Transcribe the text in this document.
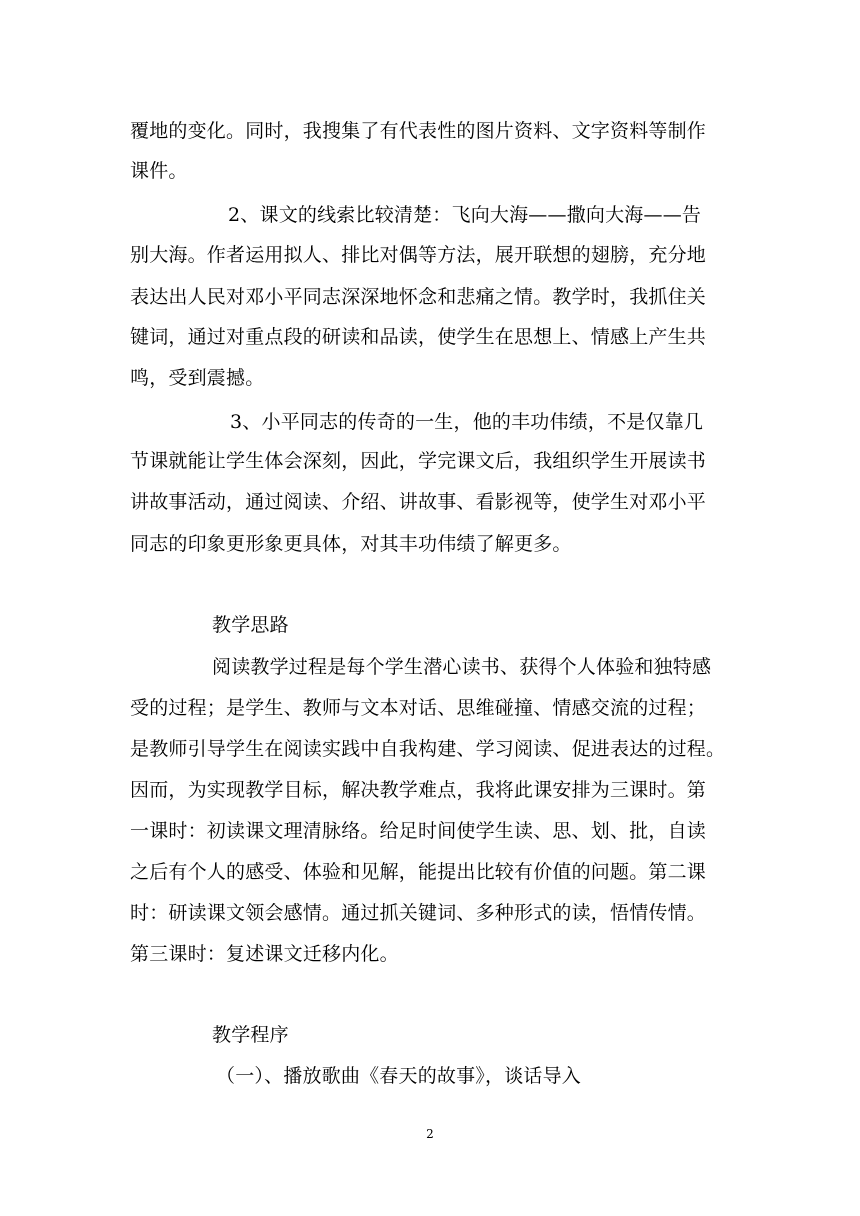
覆地的变化。同时，我搜集了有代表性的图片资料、文字资料等制作
课件。
2、课文的线索比较清楚：飞向大海——撒向大海——告
别大海。作者运用拟人、排比对偶等方法，展开联想的翅膀，充分地
表达出人民对邓小平同志深深地怀念和悲痛之情。教学时，我抓住关
键词，通过对重点段的研读和品读，使学生在思想上、情感上产生共
鸣，受到震撼。
3、小平同志的传奇的一生，他的丰功伟绩，不是仅靠几
节课就能让学生体会深刻，因此，学完课文后，我组织学生开展读书
讲故事活动，通过阅读、介绍、讲故事、看影视等，使学生对邓小平
同志的印象更形象更具体，对其丰功伟绩了解更多。
教学思路
阅读教学过程是每个学生潜心读书、获得个人体验和独特感
受的过程；是学生、教师与文本对话、思维碰撞、情感交流的过程；
是教师引导学生在阅读实践中自我构建、学习阅读、促进表达的过程。
因而，为实现教学目标，解决教学难点，我将此课安排为三课时。第
一课时：初读课文理清脉络。给足时间使学生读、思、划、批，自读
之后有个人的感受、体验和见解，能提出比较有价值的问题。第二课
时：研读课文领会感情。通过抓关键词、多种形式的读，悟情传情。
第三课时：复述课文迁移内化。
教学程序
（一）、播放歌曲《春天的故事》，谈话导入
2
